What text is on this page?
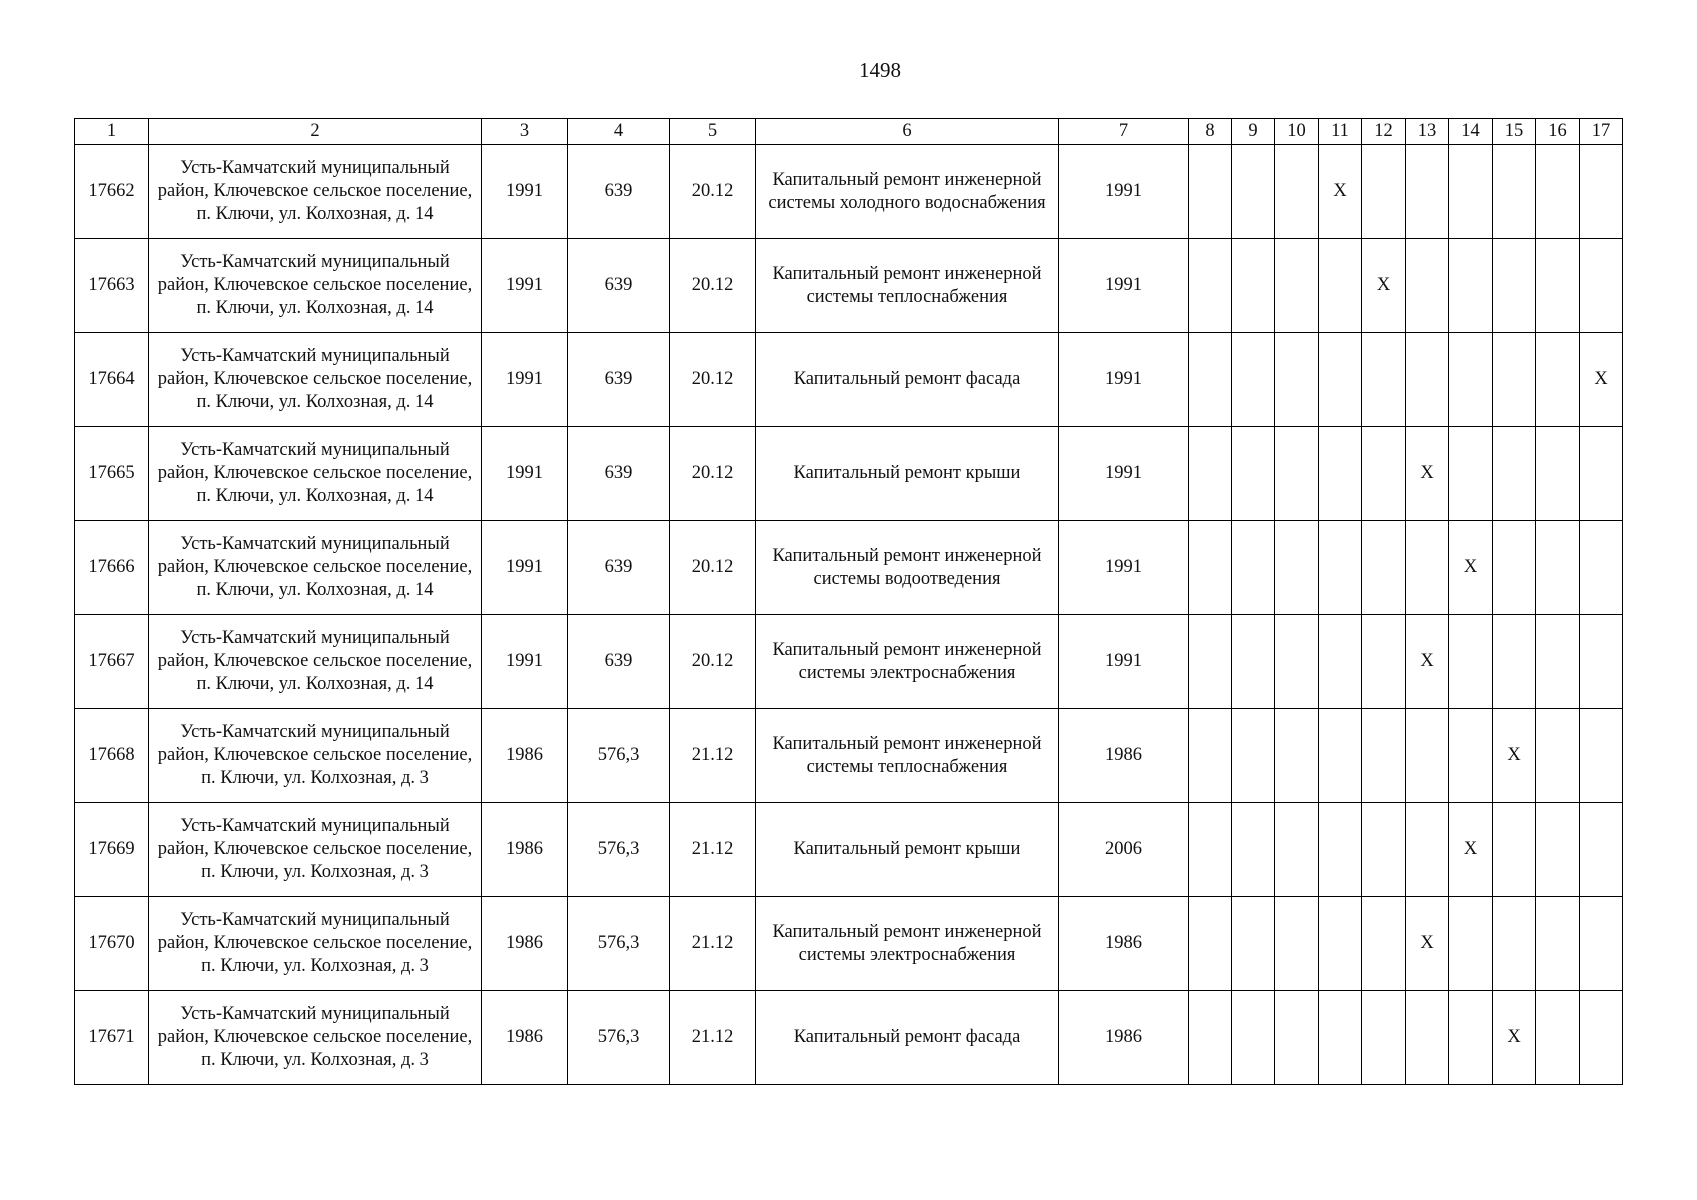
1498
1	2	3	4	5	6	7	8	9	10	11	12	13	14	15	16	17
17662	Усть-Камчатский муниципальный район, Ключевское сельское поселение, п. Ключи, ул. Колхозная, д. 14	1991	639	20.12	Капитальный ремонт инженерной системы холодного водоснабжения	1991				X						
17663	Усть-Камчатский муниципальный район, Ключевское сельское поселение, п. Ключи, ул. Колхозная, д. 14	1991	639	20.12	Капитальный ремонт инженерной системы теплоснабжения	1991					X					
17664	Усть-Камчатский муниципальный район, Ключевское сельское поселение, п. Ключи, ул. Колхозная, д. 14	1991	639	20.12	Капитальный ремонт фасада	1991										X
17665	Усть-Камчатский муниципальный район, Ключевское сельское поселение, п. Ключи, ул. Колхозная, д. 14	1991	639	20.12	Капитальный ремонт крыши	1991						X				
17666	Усть-Камчатский муниципальный район, Ключевское сельское поселение, п. Ключи, ул. Колхозная, д. 14	1991	639	20.12	Капитальный ремонт инженерной системы водоотведения	1991							X			
17667	Усть-Камчатский муниципальный район, Ключевское сельское поселение, п. Ключи, ул. Колхозная, д. 14	1991	639	20.12	Капитальный ремонт инженерной системы электроснабжения	1991						X				
17668	Усть-Камчатский муниципальный район, Ключевское сельское поселение, п. Ключи, ул. Колхозная, д. 3	1986	576,3	21.12	Капитальный ремонт инженерной системы теплоснабжения	1986								X		
17669	Усть-Камчатский муниципальный район, Ключевское сельское поселение, п. Ключи, ул. Колхозная, д. 3	1986	576,3	21.12	Капитальный ремонт крыши	2006							X			
17670	Усть-Камчатский муниципальный район, Ключевское сельское поселение, п. Ключи, ул. Колхозная, д. 3	1986	576,3	21.12	Капитальный ремонт инженерной системы электроснабжения	1986						X				
17671	Усть-Камчатский муниципальный район, Ключевское сельское поселение, п. Ключи, ул. Колхозная, д. 3	1986	576,3	21.12	Капитальный ремонт фасада	1986								X		
